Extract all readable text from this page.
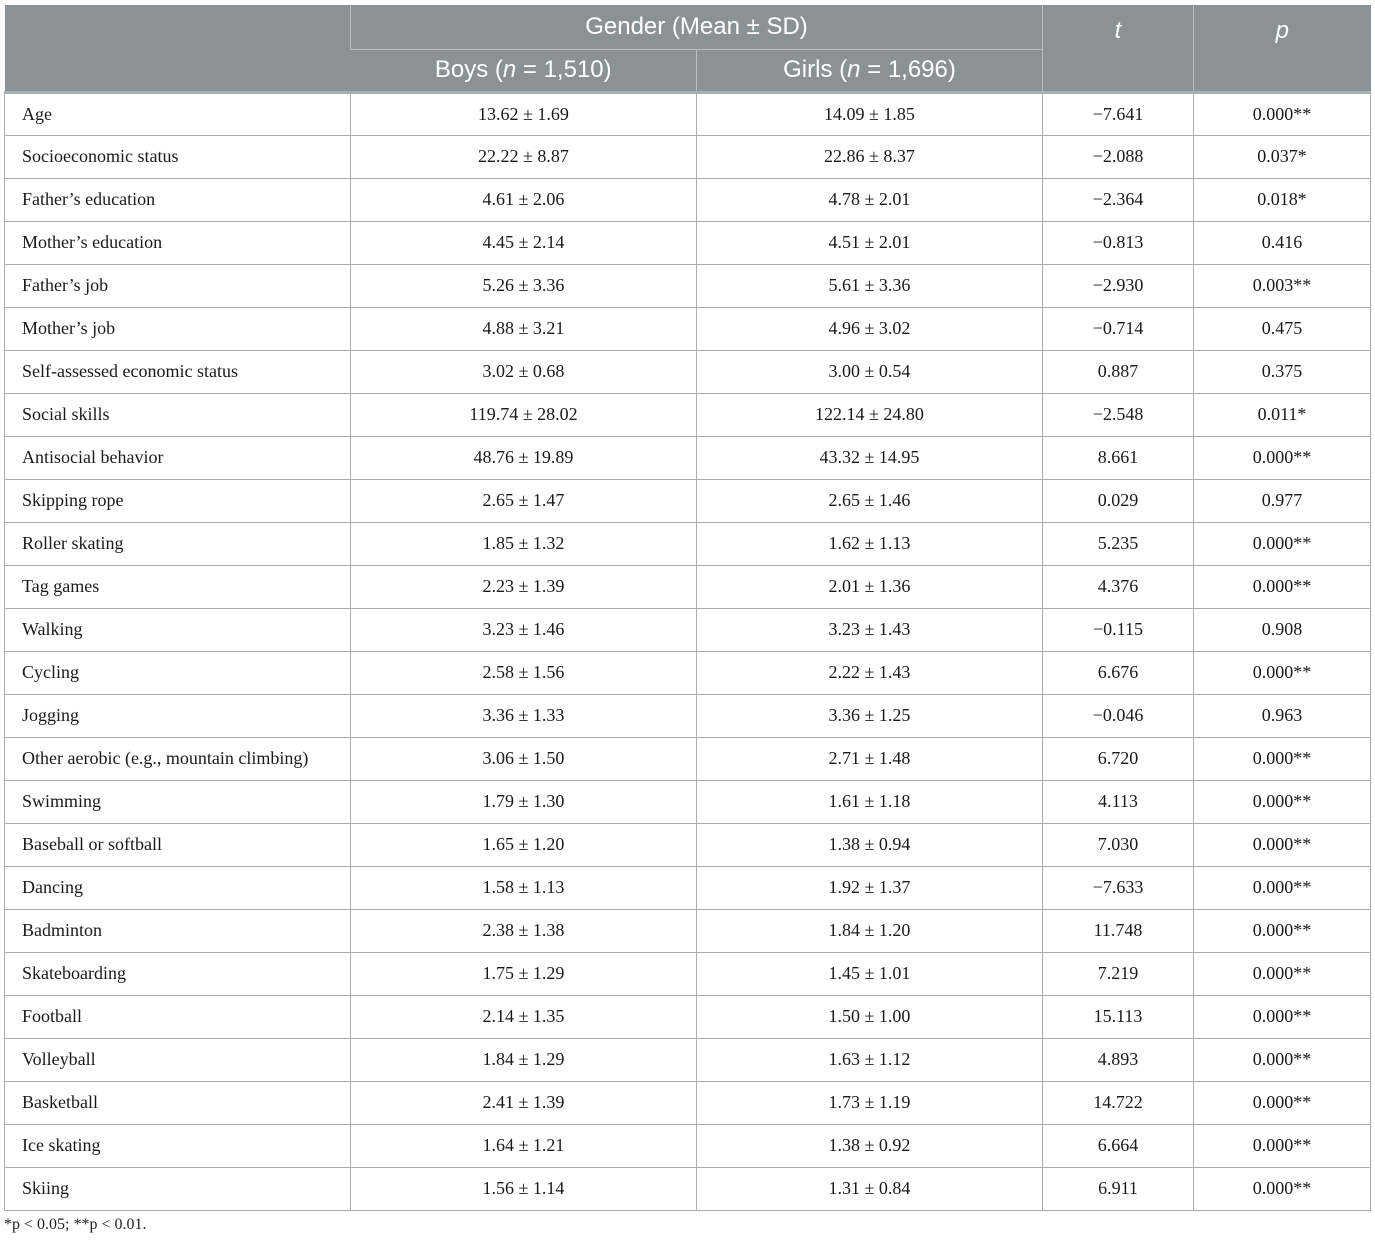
	Gender (Mean ± SD)		t	p
	Boys (n = 1,510)	Girls (n = 1,696)		
Age	13.62 ± 1.69	14.09 ± 1.85	−7.641	0.000**
Socioeconomic status	22.22 ± 8.87	22.86 ± 8.37	−2.088	0.037*
Father’s education	4.61 ± 2.06	4.78 ± 2.01	−2.364	0.018*
Mother’s education	4.45 ± 2.14	4.51 ± 2.01	−0.813	0.416
Father’s job	5.26 ± 3.36	5.61 ± 3.36	−2.930	0.003**
Mother’s job	4.88 ± 3.21	4.96 ± 3.02	−0.714	0.475
Self-assessed economic status	3.02 ± 0.68	3.00 ± 0.54	0.887	0.375
Social skills	119.74 ± 28.02	122.14 ± 24.80	−2.548	0.011*
Antisocial behavior	48.76 ± 19.89	43.32 ± 14.95	8.661	0.000**
Skipping rope	2.65 ± 1.47	2.65 ± 1.46	0.029	0.977
Roller skating	1.85 ± 1.32	1.62 ± 1.13	5.235	0.000**
Tag games	2.23 ± 1.39	2.01 ± 1.36	4.376	0.000**
Walking	3.23 ± 1.46	3.23 ± 1.43	−0.115	0.908
Cycling	2.58 ± 1.56	2.22 ± 1.43	6.676	0.000**
Jogging	3.36 ± 1.33	3.36 ± 1.25	−0.046	0.963
Other aerobic (e.g., mountain climbing)	3.06 ± 1.50	2.71 ± 1.48	6.720	0.000**
Swimming	1.79 ± 1.30	1.61 ± 1.18	4.113	0.000**
Baseball or softball	1.65 ± 1.20	1.38 ± 0.94	7.030	0.000**
Dancing	1.58 ± 1.13	1.92 ± 1.37	−7.633	0.000**
Badminton	2.38 ± 1.38	1.84 ± 1.20	11.748	0.000**
Skateboarding	1.75 ± 1.29	1.45 ± 1.01	7.219	0.000**
Football	2.14 ± 1.35	1.50 ± 1.00	15.113	0.000**
Volleyball	1.84 ± 1.29	1.63 ± 1.12	4.893	0.000**
Basketball	2.41 ± 1.39	1.73 ± 1.19	14.722	0.000**
Ice skating	1.64 ± 1.21	1.38 ± 0.92	6.664	0.000**
Skiing	1.56 ± 1.14	1.31 ± 0.84	6.911	0.000**
*p < 0.05; **p < 0.01.
